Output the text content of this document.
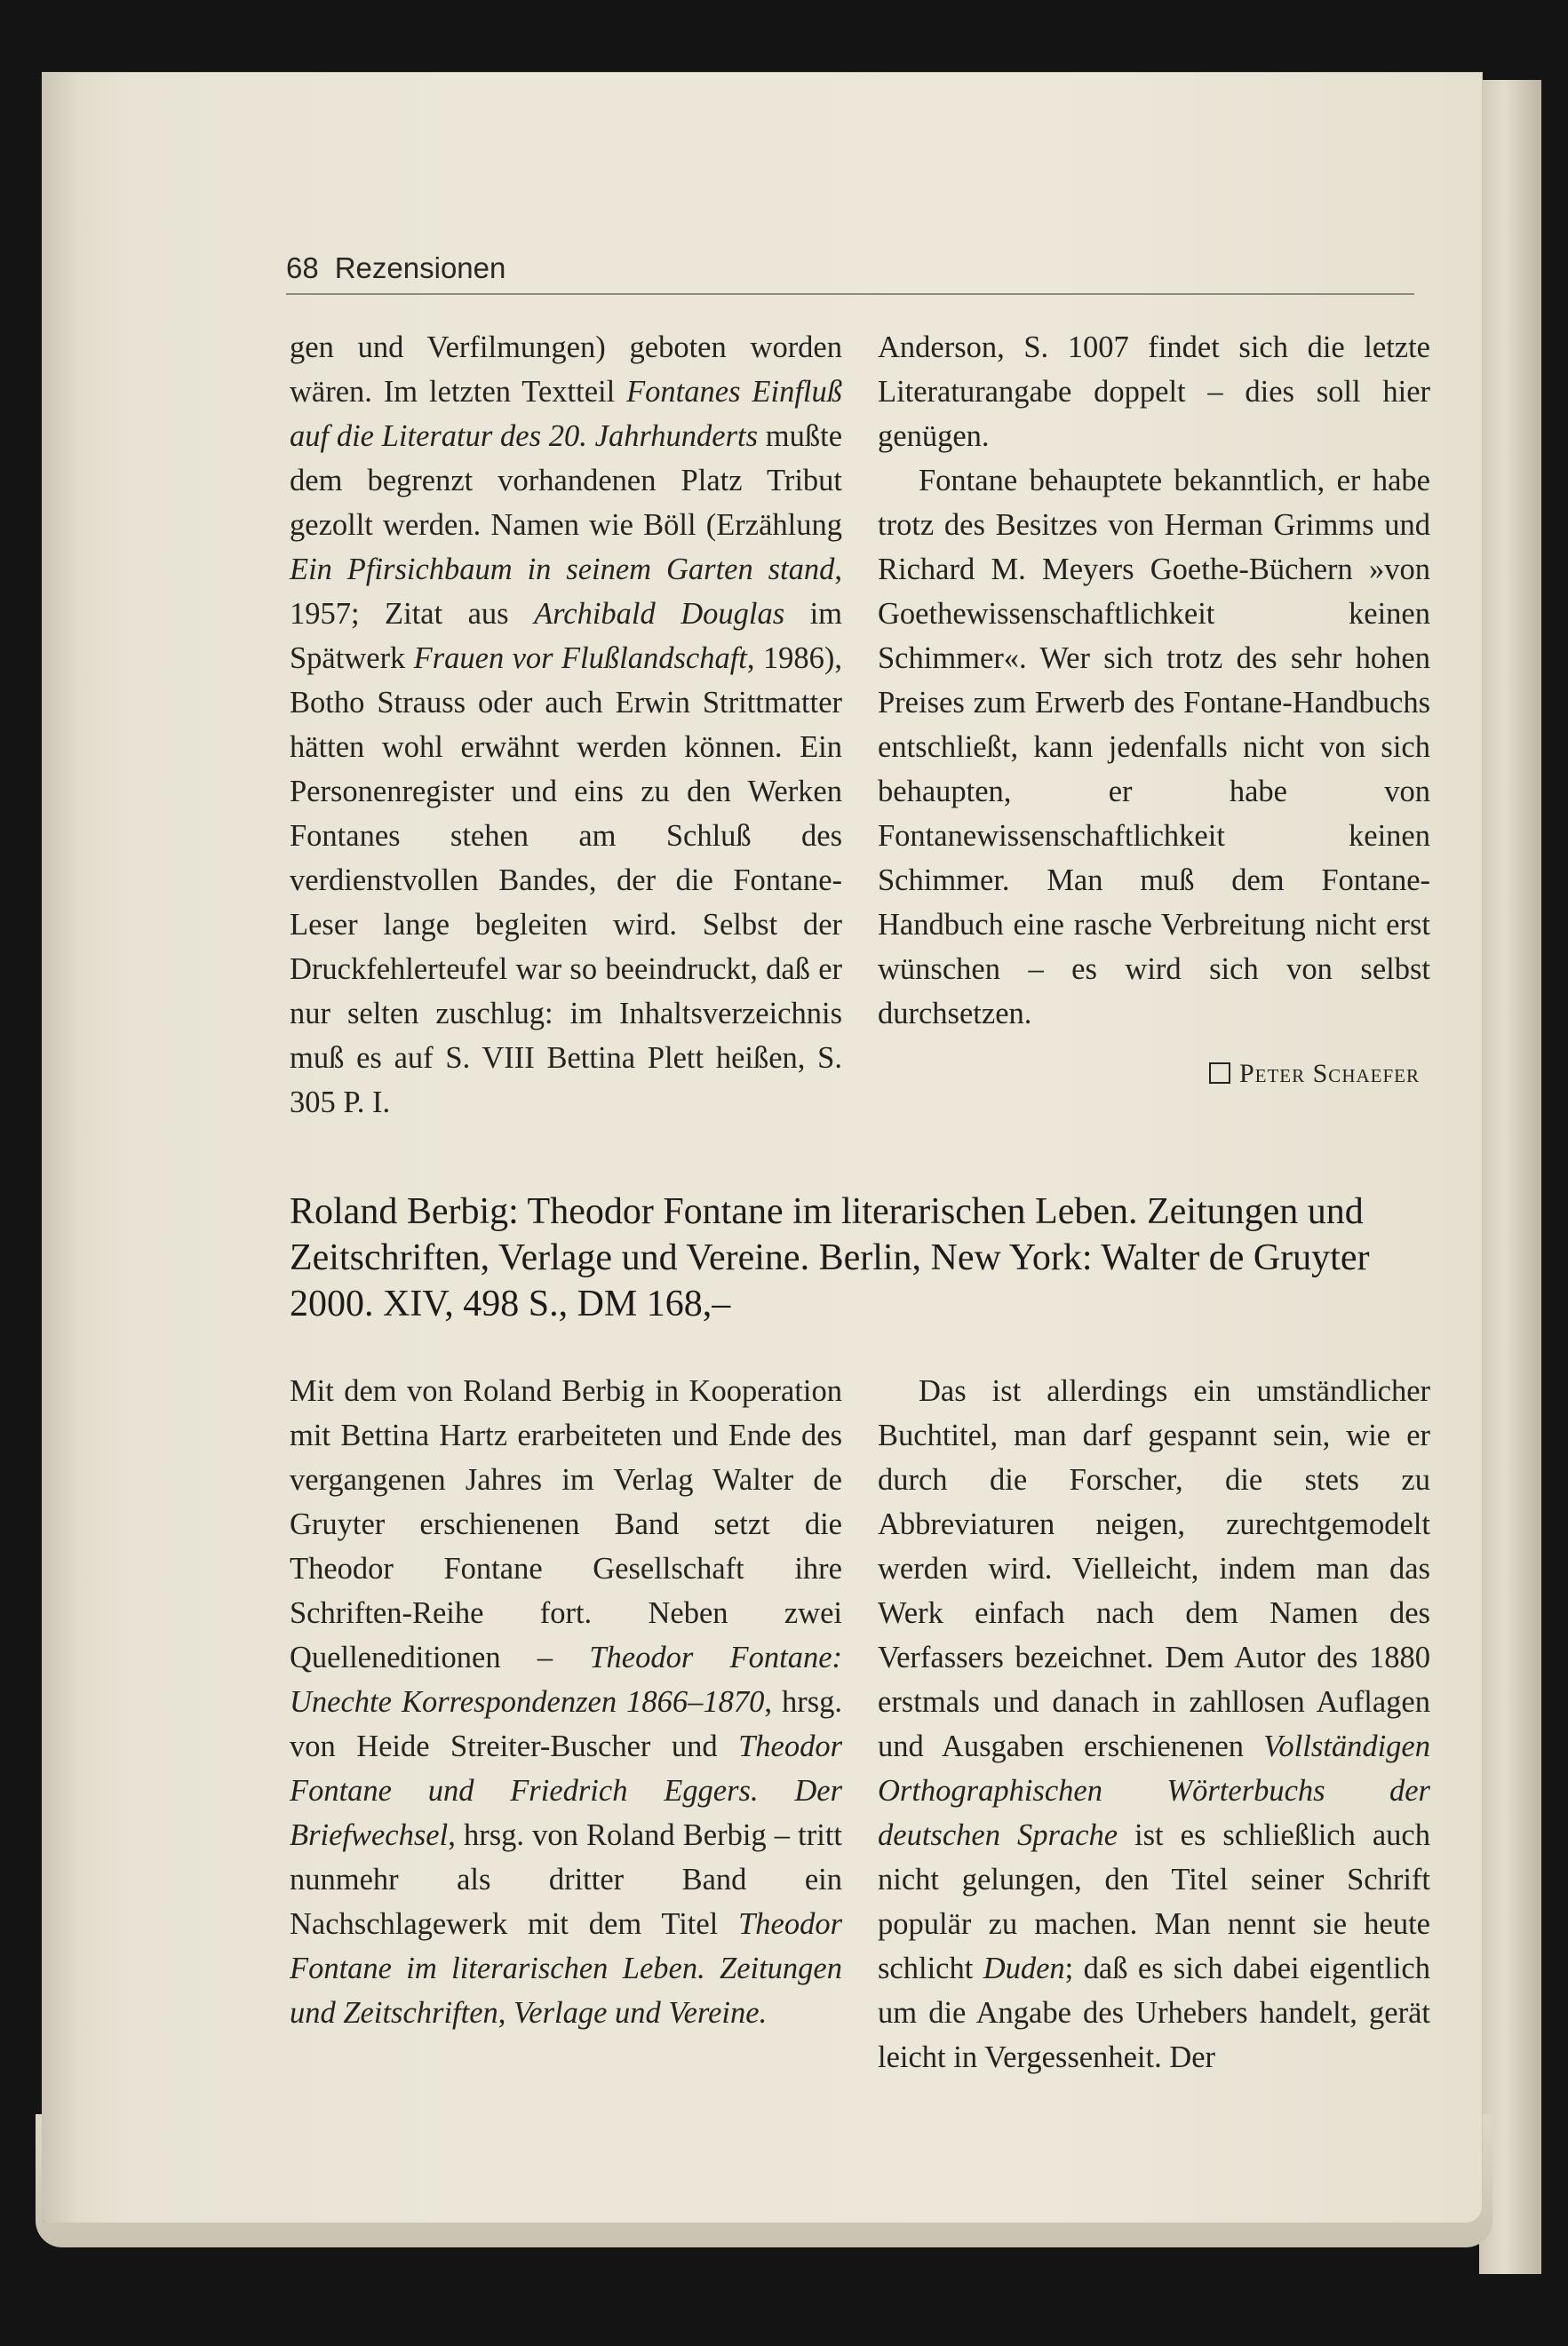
68 Rezensionen

gen und Verfilmungen) geboten worden wären. Im letzten Textteil Fontanes Einfluß auf die Literatur des 20. Jahrhunderts mußte dem begrenzt vorhandenen Platz Tribut gezollt werden. Namen wie Böll (Erzählung Ein Pfirsichbaum in seinem Garten stand, 1957; Zitat aus Archibald Douglas im Spätwerk Frauen vor Flußlandschaft, 1986), Botho Strauss oder auch Erwin Strittmatter hätten wohl erwähnt werden können. Ein Personenregister und eins zu den Werken Fontanes stehen am Schluß des verdienstvollen Bandes, der die Fontane-Leser lange begleiten wird. Selbst der Druckfehlerteufel war so beeindruckt, daß er nur selten zuschlug: im Inhaltsverzeichnis muß es auf S. VIII Bettina Plett heißen, S. 305 P. I.

Anderson, S. 1007 findet sich die letzte Literaturangabe doppelt – dies soll hier genügen.

Fontane behauptete bekanntlich, er habe trotz des Besitzes von Herman Grimms und Richard M. Meyers Goethe-Büchern »von Goethewissenschaftlichkeit keinen Schimmer«. Wer sich trotz des sehr hohen Preises zum Erwerb des Fontane-Handbuchs entschließt, kann jedenfalls nicht von sich behaupten, er habe von Fontanewissenschaftlichkeit keinen Schimmer. Man muß dem Fontane-Handbuch eine rasche Verbreitung nicht erst wünschen – es wird sich von selbst durchsetzen.

Peter Schaefer
Roland Berbig: Theodor Fontane im literarischen Leben. Zeitungen und Zeitschriften, Verlage und Vereine. Berlin, New York: Walter de Gruyter 2000. XIV, 498 S., DM 168,–

Mit dem von Roland Berbig in Kooperation mit Bettina Hartz erarbeiteten und Ende des vergangenen Jahres im Verlag Walter de Gruyter erschienenen Band setzt die Theodor Fontane Gesellschaft ihre Schriften-Reihe fort. Neben zwei Quelleneditionen – Theodor Fontane: Unechte Korrespondenzen 1866–1870, hrsg. von Heide Streiter-Buscher und Theodor Fontane und Friedrich Eggers. Der Briefwechsel, hrsg. von Roland Berbig – tritt nunmehr als dritter Band ein Nachschlagewerk mit dem Titel Theodor Fontane im literarischen Leben. Zeitungen und Zeitschriften, Verlage und Vereine.

Das ist allerdings ein umständlicher Buchtitel, man darf gespannt sein, wie er durch die Forscher, die stets zu Abbreviaturen neigen, zurechtgemodelt werden wird. Vielleicht, indem man das Werk einfach nach dem Namen des Verfassers bezeichnet. Dem Autor des 1880 erstmals und danach in zahllosen Auflagen und Ausgaben erschienenen Vollständigen Orthographischen Wörterbuchs der deutschen Sprache ist es schließlich auch nicht gelungen, den Titel seiner Schrift populär zu machen. Man nennt sie heute schlicht Duden; daß es sich dabei eigentlich um die Angabe des Urhebers handelt, gerät leicht in Vergessenheit. Der
